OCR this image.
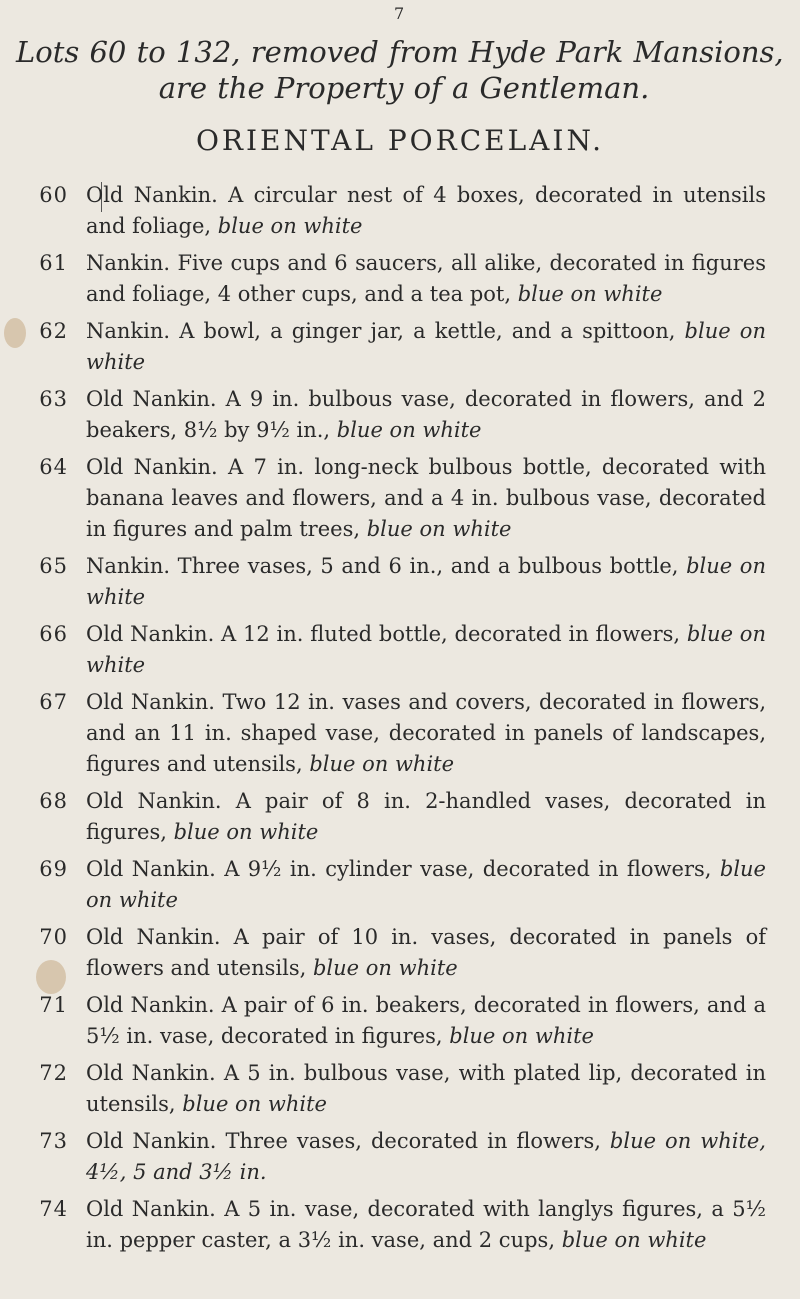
7
Lots 60 to 132, removed from Hyde Park Mansions,
are the Property of a Gentleman.
ORIENTAL PORCELAIN.
60 Old Nankin. A circular nest of 4 boxes, decorated in utensils and foliage, blue on white
61 Nankin. Five cups and 6 saucers, all alike, decorated in figures and foliage, 4 other cups, and a tea pot, blue on white
62 Nankin. A bowl, a ginger jar, a kettle, and a spittoon, blue on white
63 Old Nankin. A 9 in. bulbous vase, decorated in flowers, and 2 beakers, 8½ by 9½ in., blue on white
64 Old Nankin. A 7 in. long-neck bulbous bottle, decorated with banana leaves and flowers, and a 4 in. bulbous vase, decorated in figures and palm trees, blue on white
65 Nankin. Three vases, 5 and 6 in., and a bulbous bottle, blue on white
66 Old Nankin. A 12 in. fluted bottle, decorated in flowers, blue on white
67 Old Nankin. Two 12 in. vases and covers, decorated in flowers, and an 11 in. shaped vase, decorated in panels of landscapes, figures and utensils, blue on white
68 Old Nankin. A pair of 8 in. 2-handled vases, decorated in figures, blue on white
69 Old Nankin. A 9½ in. cylinder vase, decorated in flowers, blue on white
70 Old Nankin. A pair of 10 in. vases, decorated in panels of flowers and utensils, blue on white
71 Old Nankin. A pair of 6 in. beakers, decorated in flowers, and a 5½ in. vase, decorated in figures, blue on white
72 Old Nankin. A 5 in. bulbous vase, with plated lip, decorated in utensils, blue on white
73 Old Nankin. Three vases, decorated in flowers, blue on white, 4½, 5 and 3½ in.
74 Old Nankin. A 5 in. vase, decorated with langlys figures, a 5½ in. pepper caster, a 3½ in. vase, and 2 cups, blue on white
